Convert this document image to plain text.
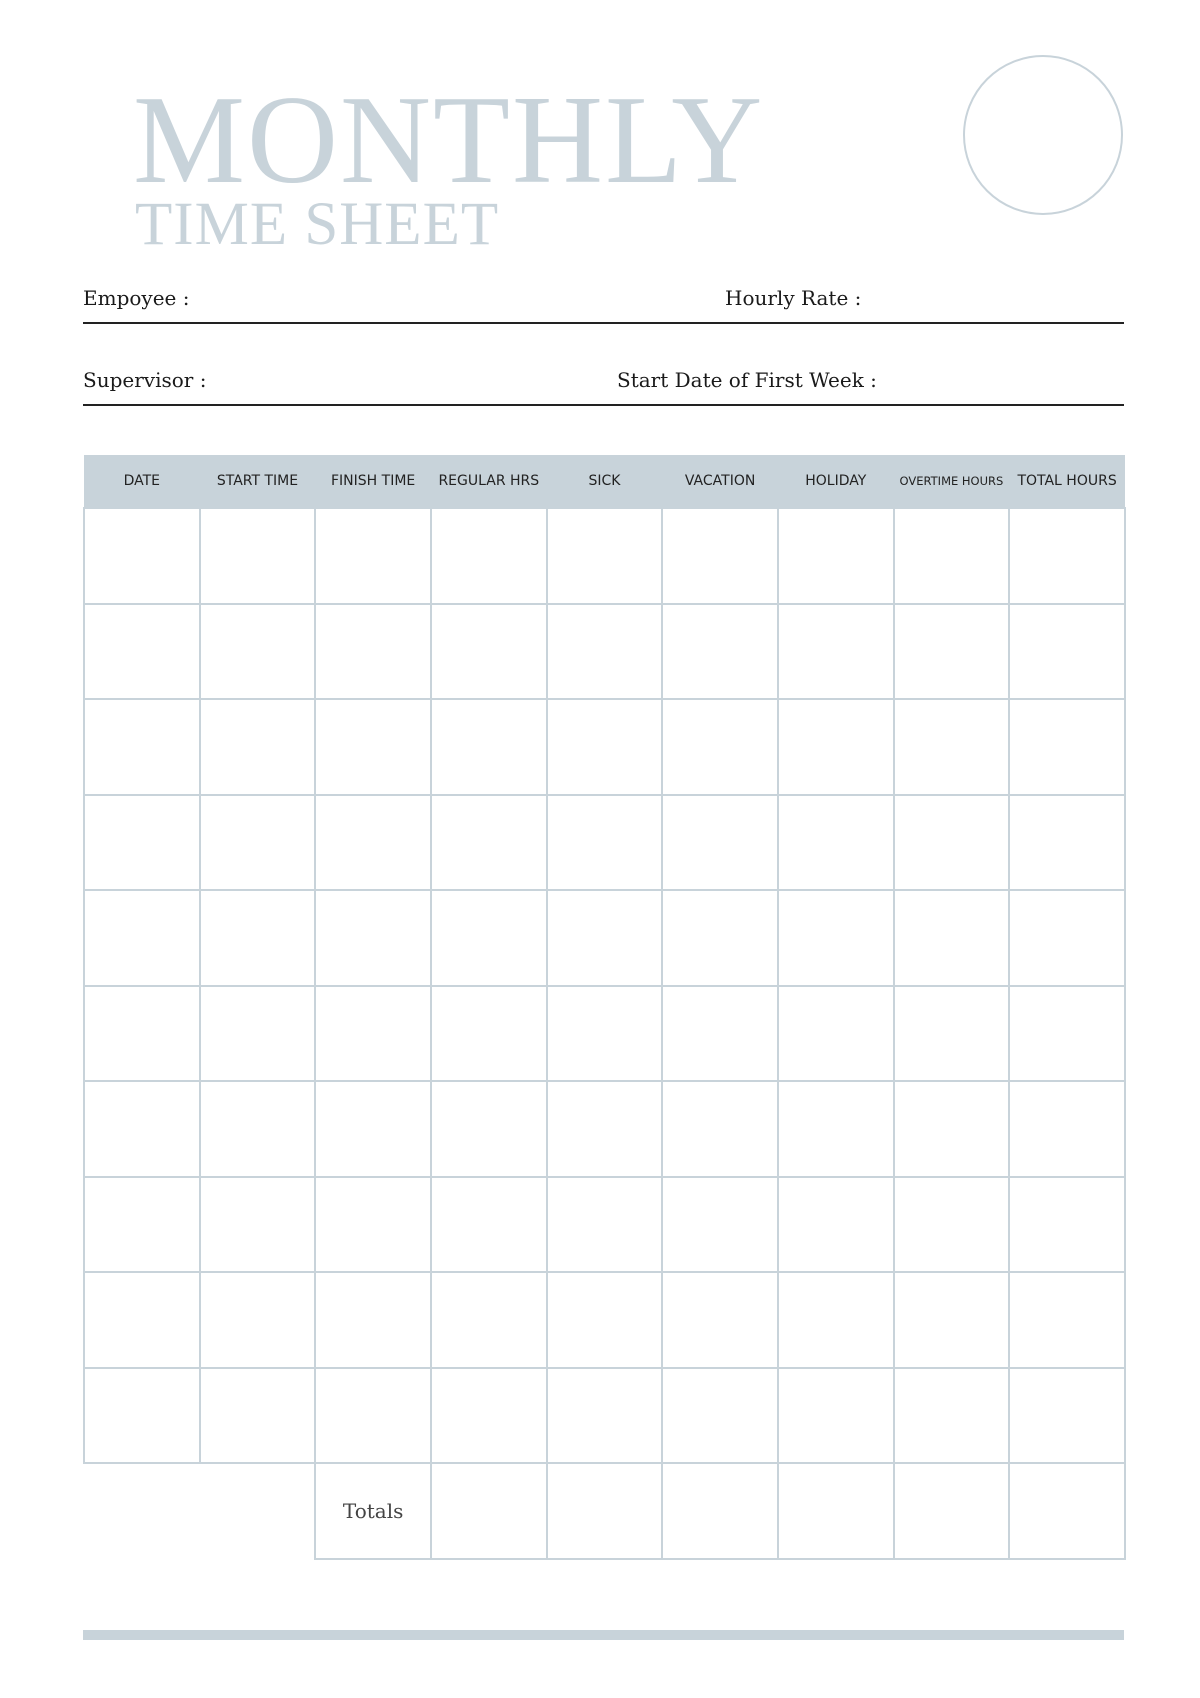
MONTHLY
TIME SHEET
Empoyee :	Hourly Rate :
Supervisor :	Start Date of First Week :
DATE	START TIME	FINISH TIME	REGULAR HRS	SICK	VACATION	HOLIDAY	OVERTIME HOURS	TOTAL HOURS

		Totals						
